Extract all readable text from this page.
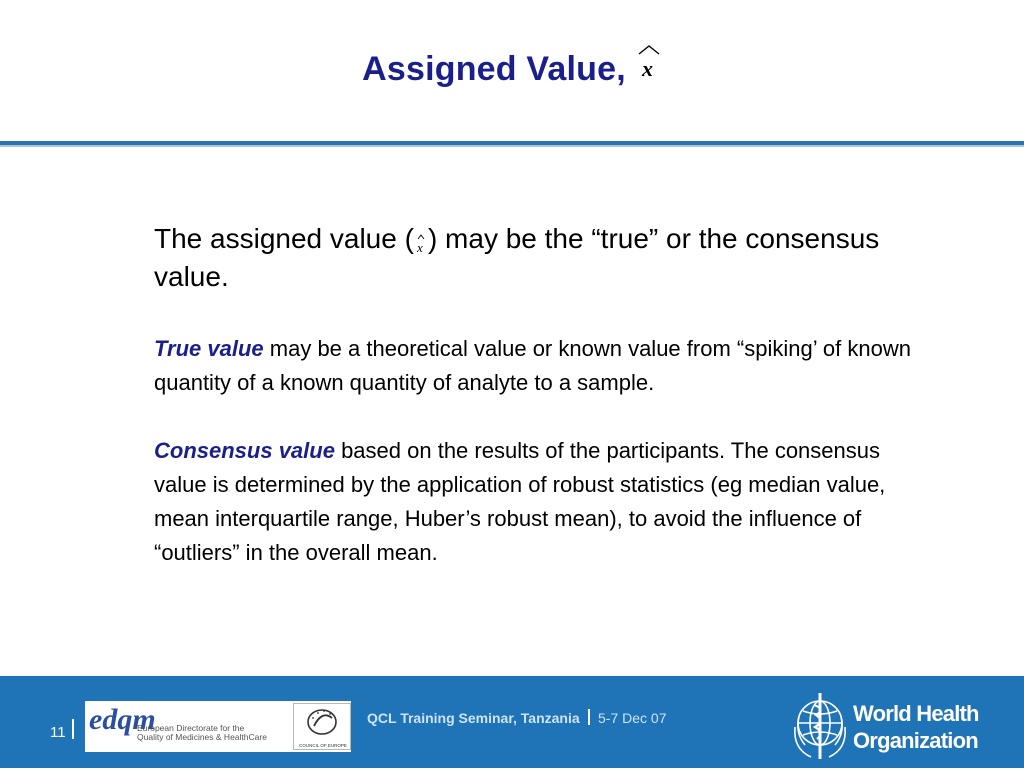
Assigned Value, x

The assigned value ( x ) may be the “true” or the consensus value.

True value may be a theoretical value or known value from “spiking’ of known quantity of a known quantity of analyte to a sample.

Consensus value based on the results of the participants. The consensus value is determined by the application of robust statistics (eg median value, mean interquartile range, Huber’s robust mean), to avoid the influence of “outliers” in the overall mean.

11 edqm
European Directorate for the
Quality of Medicines & HealthCare
COUNCIL OF EUROPE
QCL Training Seminar, Tanzania 5-7 Dec 07	World Health
Organization
